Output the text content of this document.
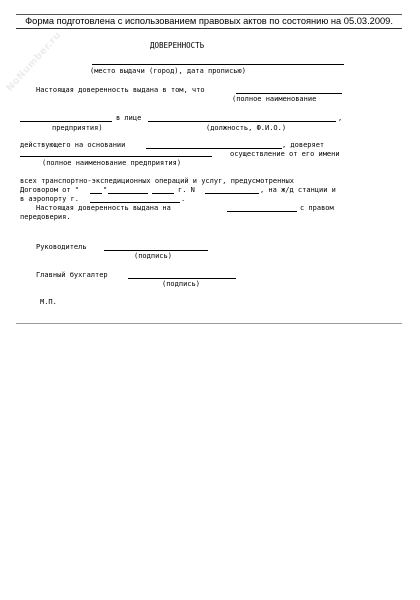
Форма подготовлена с использованием правовых актов по состоянию на 05.03.2009.
NoNumber.ru	ДОВЕРЕННОСТЬ
(место выдачи (город), дата прописью)
Настоящая доверенность выдана в том, что
(полное наименование
в лице	,
предприятия)	(должность, Ф.И.О.)
действующего на основании	, доверяет
осуществление от его имени
(полное наименование предприятия)
всех транспортно-экспедиционных операций и услуг, предусмотренных
Договором от "	"	г. N	, на ж/д станции и
в аэропорту г.	.
Настоящая доверенность выдана на	с правом
передоверия.
Руководитель
(подпись)
Главный бухгалтер
(подпись)
М.П.
